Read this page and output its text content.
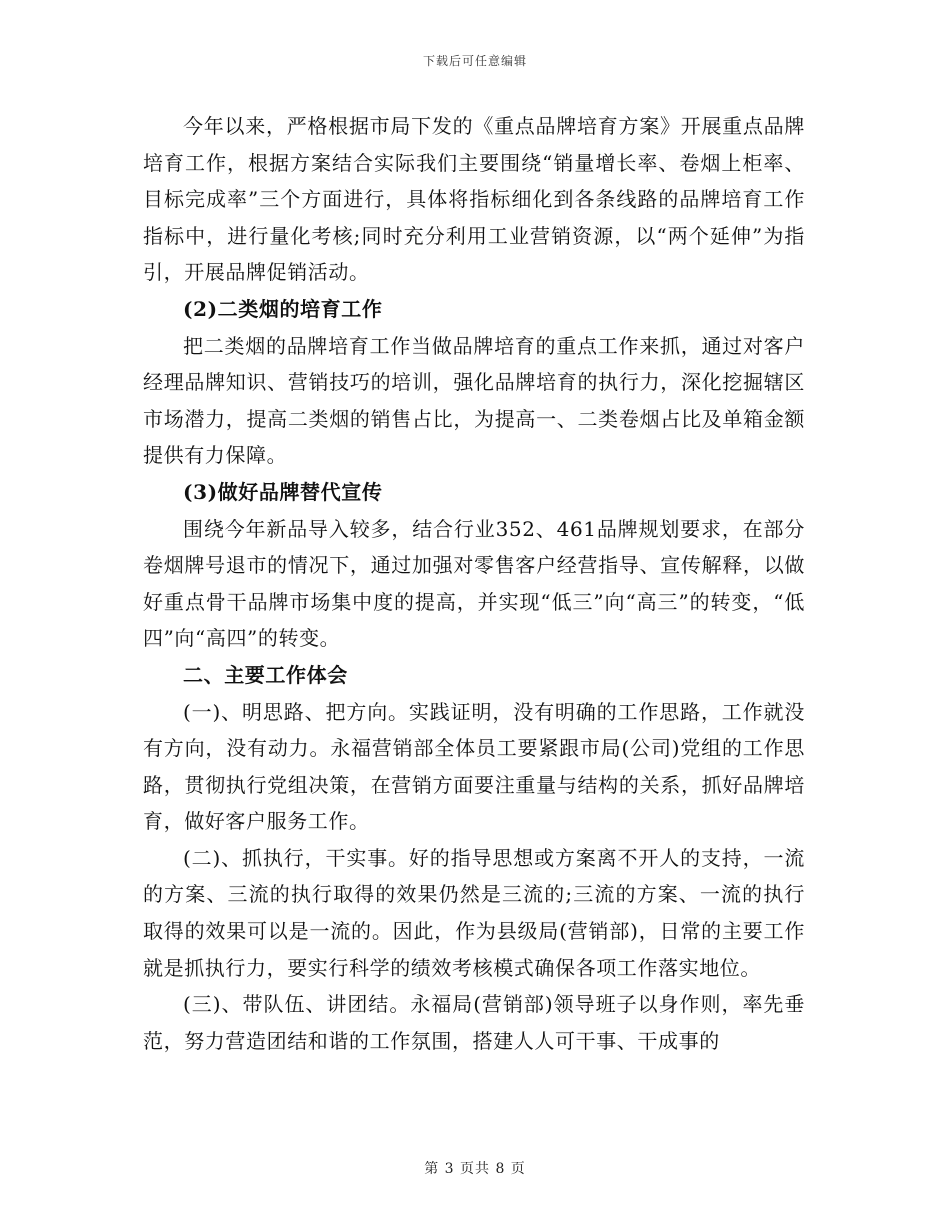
下载后可任意编辑

今年以来，严格根据市局下发的《重点品牌培育方案》开展重点品牌培育工作，根据方案结合实际我们主要围绕“销量增长率、卷烟上柜率、目标完成率”三个方面进行，具体将指标细化到各条线路的品牌培育工作指标中，进行量化考核;同时充分利用工业营销资源，以“两个延伸”为指引，开展品牌促销活动。

(2)二类烟的培育工作

把二类烟的品牌培育工作当做品牌培育的重点工作来抓，通过对客户经理品牌知识、营销技巧的培训，强化品牌培育的执行力，深化挖掘辖区市场潜力，提高二类烟的销售占比，为提高一、二类卷烟占比及单箱金额提供有力保障。

(3)做好品牌替代宣传

围绕今年新品导入较多，结合行业352、461品牌规划要求，在部分卷烟牌号退市的情况下，通过加强对零售客户经营指导、宣传解释，以做好重点骨干品牌市场集中度的提高，并实现“低三”向“高三”的转变，“低四”向“高四”的转变。

二、主要工作体会

(一)、明思路、把方向。实践证明，没有明确的工作思路，工作就没有方向，没有动力。永福营销部全体员工要紧跟市局(公司)党组的工作思路，贯彻执行党组决策，在营销方面要注重量与结构的关系，抓好品牌培育，做好客户服务工作。

(二)、抓执行，干实事。好的指导思想或方案离不开人的支持，一流的方案、三流的执行取得的效果仍然是三流的;三流的方案、一流的执行取得的效果可以是一流的。因此，作为县级局(营销部)，日常的主要工作就是抓执行力，要实行科学的绩效考核模式确保各项工作落实地位。

(三)、带队伍、讲团结。永福局(营销部)领导班子以身作则，率先垂范，努力营造团结和谐的工作氛围，搭建人人可干事、干成事的

第 3 页共 8 页
